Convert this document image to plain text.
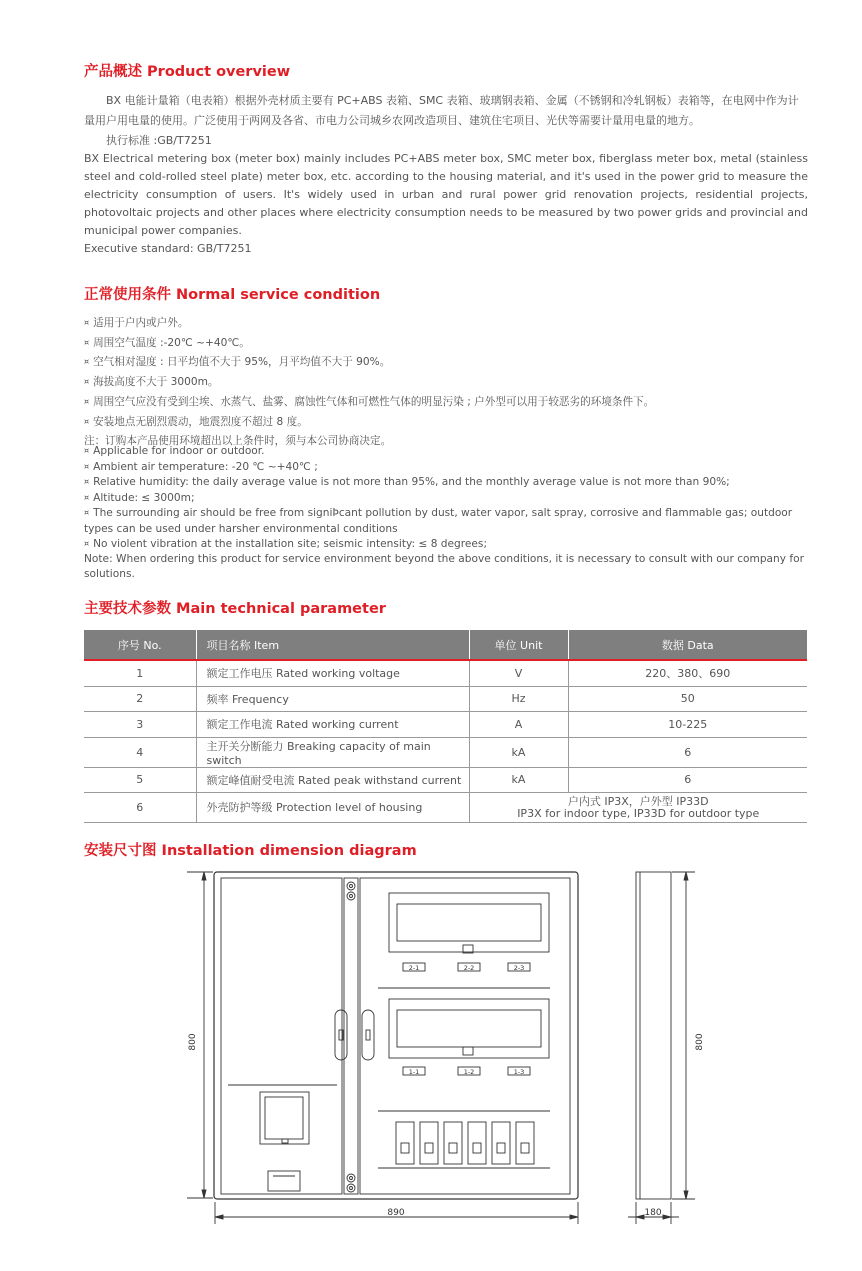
产品概述 Product overview

BX 电能计量箱（电表箱）根据外壳材质主要有 PC+ABS 表箱、SMC 表箱、玻璃钢表箱、金属（不锈钢和冷轧钢板）表箱等，在电网中作为计量用户用电量的使用。广泛使用于两网及各省、市电力公司城乡农网改造项目、建筑住宅项目、光伏等需要计量用电量的地方。

执行标准 :GB/T7251

BX Electrical metering box (meter box) mainly includes PC+ABS meter box, SMC meter box, fiberglass meter box, metal (stainless steel and cold-rolled steel plate) meter box, etc. according to the housing material, and it's used in the power grid to measure the electricity consumption of users. It's widely used in urban and rural power grid renovation projects, residential projects, photovoltaic projects and other places where electricity consumption needs to be measured by two power grids and provincial and municipal power companies.

Executive standard: GB/T7251

正常使用条件 Normal service condition
¤ 适用于户内或户外。
¤ 周围空气温度 :-20℃ ~+40℃。
¤ 空气相对湿度 : 日平均值不大于 95%，月平均值不大于 90%。
¤ 海拔高度不大于 3000m。
¤ 周围空气应没有受到尘埃、水蒸气、盐雾、腐蚀性气体和可燃性气体的明显污染 ; 户外型可以用于较恶劣的环境条件下。
¤ 安装地点无剧烈震动，地震烈度不超过 8 度。
注：订购本产品使用环境超出以上条件时，须与本公司协商决定。
¤ Applicable for indoor or outdoor.
¤ Ambient air temperature: -20 ℃ ~+40℃ ;
¤ Relative humidity: the daily average value is not more than 95%, and the monthly average value is not more than 90%;
¤ Altitude: ≤ 3000m;
¤ The surrounding air should be free from signiÞcant pollution by dust, water vapor, salt spray, corrosive and flammable gas; outdoor types can be used under harsher environmental conditions
¤ No violent vibration at the installation site; seismic intensity: ≤ 8 degrees;
Note: When ordering this product for service environment beyond the above conditions, it is necessary to consult with our company for solutions.
主要技术参数 Main technical parameter
序号 No.	项目名称 Item	单位 Unit	数据 Data
1	额定工作电压 Rated working voltage	V	220、380、690
2	频率 Frequency	Hz	50
3	额定工作电流 Rated working current	A	10-225
4	主开关分断能力 Breaking capacity of main switch	kA	6
5	额定峰值耐受电流 Rated peak withstand current	kA	6
6	外壳防护等级 Protection level of housing	户内式 IP3X，户外型 IP33D
IP3X for indoor type, IP33D for outdoor type	
安装尺寸图 Installation dimension diagram
800	800
890	180
2-1	2-2	2-3
1-1	1-2	1-3
